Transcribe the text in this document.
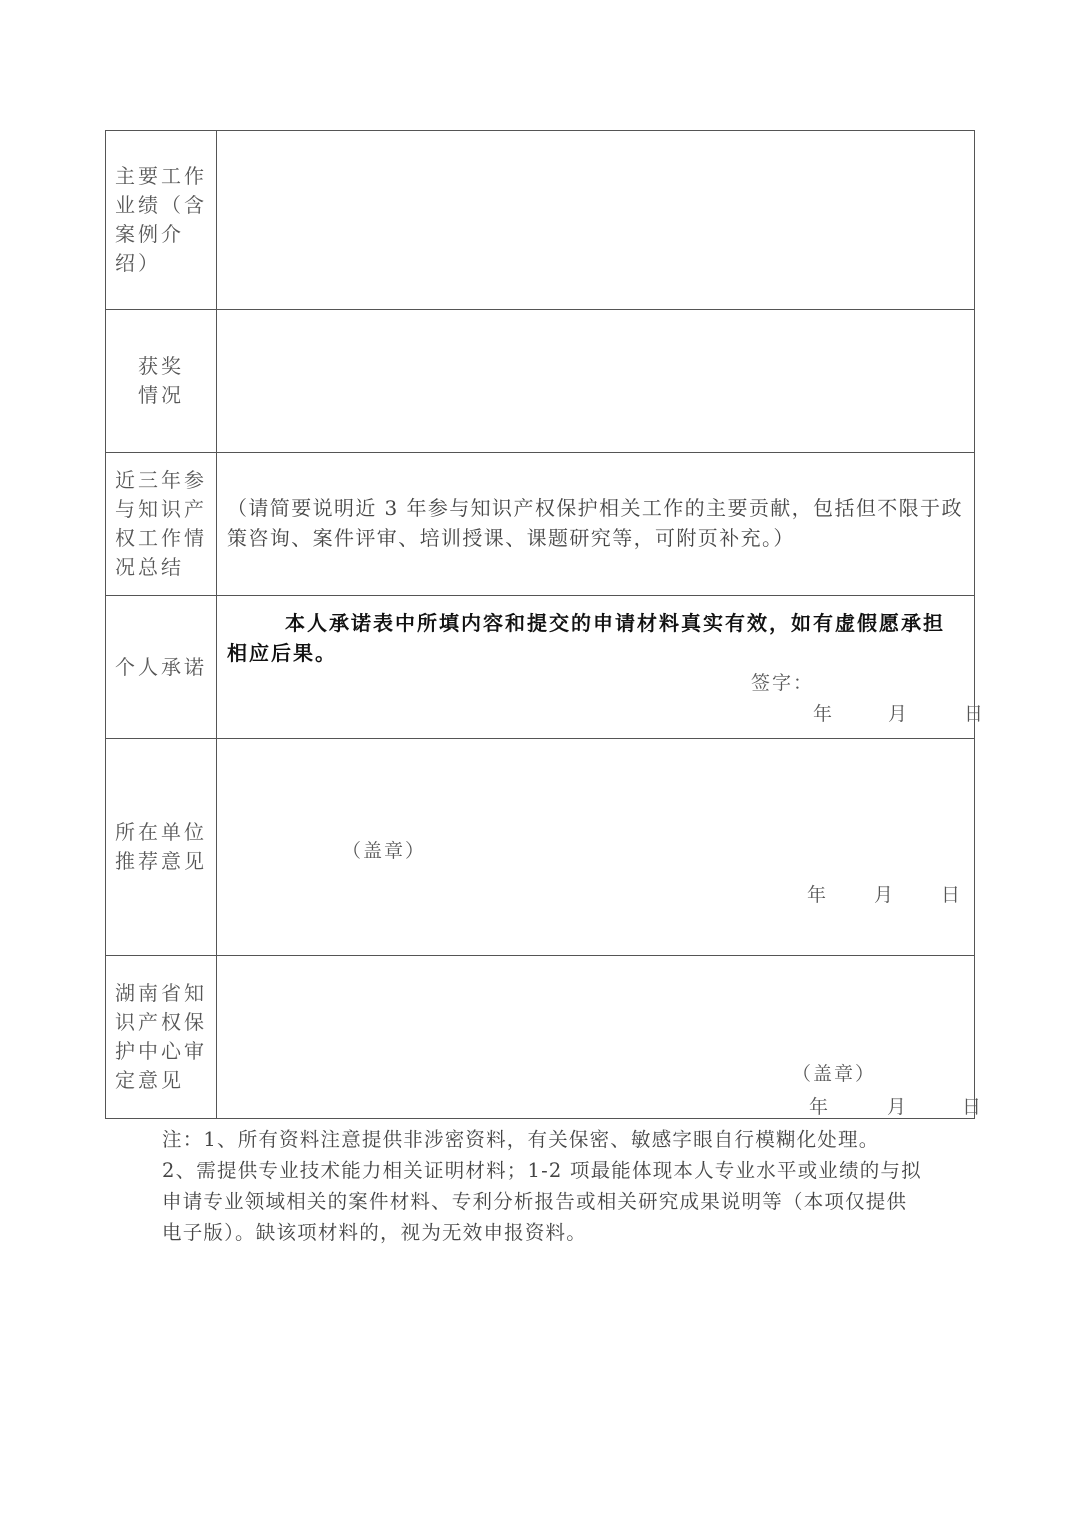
主要工作业绩（含案例介绍）	

获奖情况	

近三年参与知识产权工作情况总结	（请简要说明近 3 年参与知识产权保护相关工作的主要贡献，包括但不限于政策咨询、案件评审、培训授课、课题研究等，可附页补充。）

个人承诺	本人承诺表中所填内容和提交的申请材料真实有效，如有虚假愿承担相应后果。
签字：
年 月 日

所在单位推荐意见	（盖章）
年 月 日

湖南省知识产权保护中心审定意见	（盖章）
年 月 日

注：1、所有资料注意提供非涉密资料，有关保密、敏感字眼自行模糊化处理。

2、需提供专业技术能力相关证明材料；1-2 项最能体现本人专业水平或业绩的与拟申请专业领域相关的案件材料、专利分析报告或相关研究成果说明等（本项仅提供电子版）。缺该项材料的，视为无效申报资料。
